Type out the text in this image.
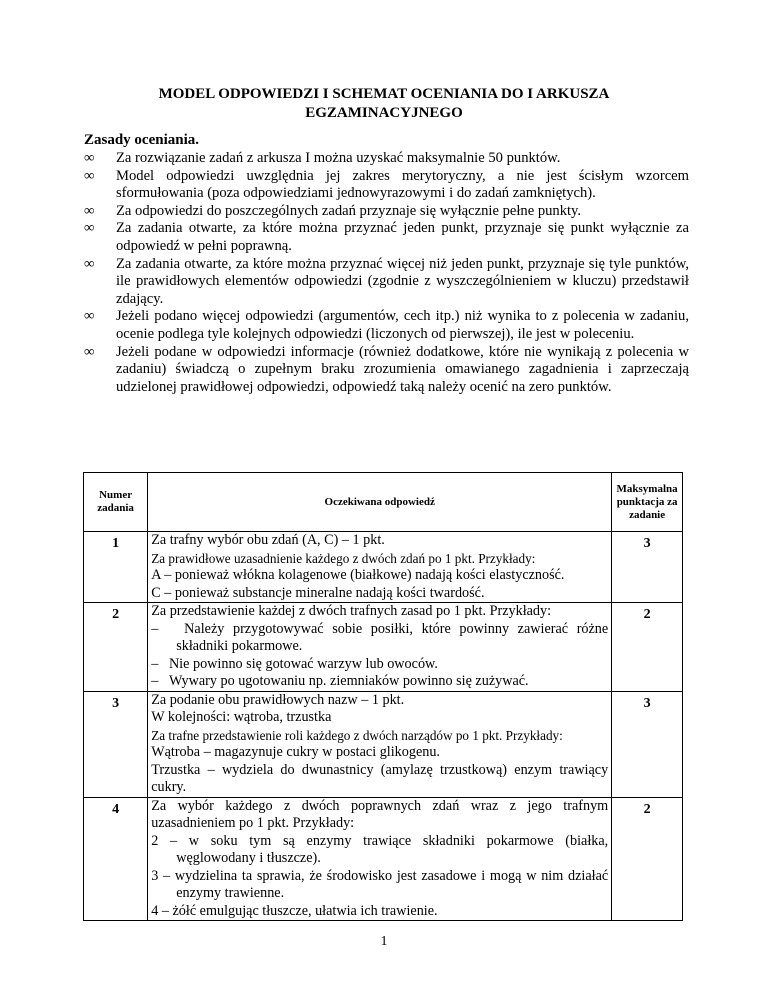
MODEL ODPOWIEDZI I SCHEMAT OCENIANIA DO I ARKUSZA
EGZAMINACYJNEGO
Zasady oceniania.
∞ Za rozwiązanie zadań z arkusza I można uzyskać maksymalnie 50 punktów.
∞ Model odpowiedzi uwzględnia jej zakres merytoryczny, a nie jest ścisłym wzorcem sformułowania (poza odpowiedziami jednowyrazowymi i do zadań zamkniętych).
∞ Za odpowiedzi do poszczególnych zadań przyznaje się wyłącznie pełne punkty.
∞ Za zadania otwarte, za które można przyznać jeden punkt, przyznaje się punkt wyłącznie za odpowiedź w pełni poprawną.
∞ Za zadania otwarte, za które można przyznać więcej niż jeden punkt, przyznaje się tyle punktów, ile prawidłowych elementów odpowiedzi (zgodnie z wyszczególnieniem w kluczu) przedstawił zdający.
∞ Jeżeli podano więcej odpowiedzi (argumentów, cech itp.) niż wynika to z polecenia w zadaniu, ocenie podlega tyle kolejnych odpowiedzi (liczonych od pierwszej), ile jest w poleceniu.
∞ Jeżeli podane w odpowiedzi informacje (również dodatkowe, które nie wynikają z polecenia w zadaniu) świadczą o zupełnym braku zrozumienia omawianego zagadnienia i zaprzeczają udzielonej prawidłowej odpowiedzi, odpowiedź taką należy ocenić na zero punktów.
Numer zadania	Oczekiwana odpowiedź	Maksymalna punktacja za zadanie
1	Za trafny wybór obu zdań (A, C) – 1 pkt.

Za prawidłowe uzasadnienie każdego z dwóch zdań po 1 pkt. Przykłady:

A – ponieważ włókna kolagenowe (białkowe) nadają kości elastyczność.

C – ponieważ substancje mineralne nadają kości twardość.	3
2	Za przedstawienie każdej z dwóch trafnych zasad po 1 pkt. Przykłady:

–   Należy przygotowywać sobie posiłki, które powinny zawierać różne składniki pokarmowe.

–   Nie powinno się gotować warzyw lub owoców.

–   Wywary po ugotowaniu np. ziemniaków powinno się zużywać.	2
3	Za podanie obu prawidłowych nazw – 1 pkt.

W kolejności: wątroba, trzustka

Za trafne przedstawienie roli każdego z dwóch narządów po 1 pkt. Przykłady:

Wątroba – magazynuje cukry w postaci glikogenu.

Trzustka – wydziela do dwunastnicy (amylazę trzustkową) enzym trawiący cukry.	3
4	Za wybór każdego z dwóch poprawnych zdań wraz z jego trafnym uzasadnieniem po 1 pkt. Przykłady:

2 – w soku tym są enzymy trawiące składniki pokarmowe (białka, węglowodany i tłuszcze).

3 – wydzielina ta sprawia, że środowisko jest zasadowe i mogą w nim działać enzymy trawienne.

4 – żółć emulgując tłuszcze, ułatwia ich trawienie.	2
1
